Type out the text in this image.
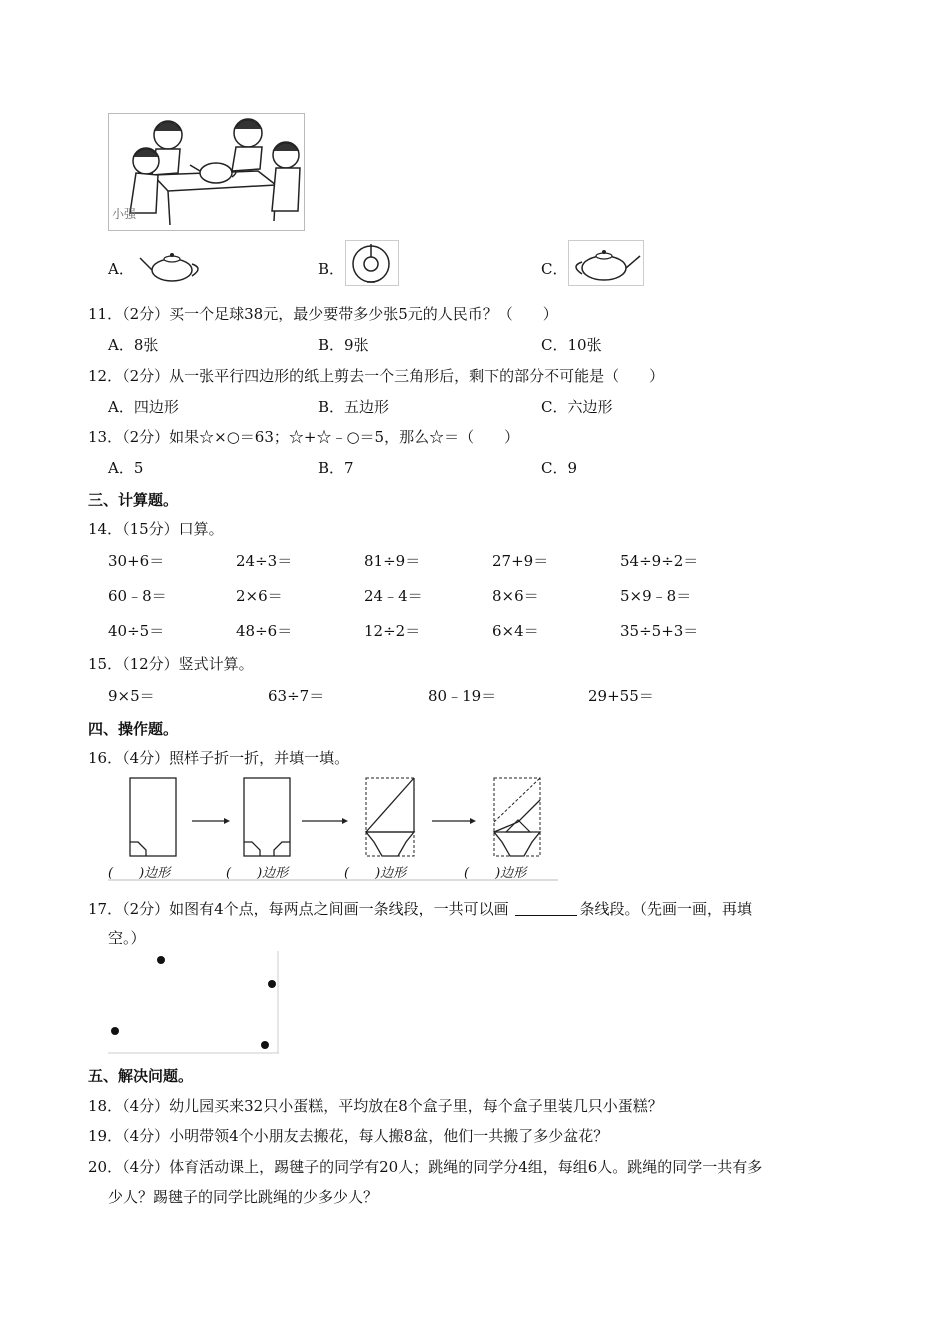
小强
A．	B．	C．
11．（2分）买一个足球38元，最少要带多少张5元的人民币？（　　）
A．8张	B．9张	C．10张
12．（2分）从一张平行四边形的纸上剪去一个三角形后，剩下的部分不可能是（　　）
A．四边形	B．五边形	C．六边形
13．（2分）如果☆×○＝63；☆+☆﹣○＝5，那么☆＝（　　）
A．5	B．7	C．9
三、计算题。
14．（15分）口算。
30+6＝	24÷3＝	81÷9＝	27+9＝	54÷9÷2＝
60﹣8＝	2×6＝	24﹣4＝	8×6＝	5×9﹣8＝
40÷5＝	48÷6＝	12÷2＝	6×4＝	35÷5+3＝
15．（12分）竖式计算。
9×5＝	63÷7＝	80﹣19＝	29+55＝
四、操作题。
16．（4分）照样子折一折，并填一填。
(　　)边形	(　　)边形	(　　)边形	(　　)边形
17．（2分）如图有4个点，每两点之间画一条线段，一共可以画	条线段。（先画一画，再填
空。）
五、解决问题。
18．（4分）幼儿园买来32只小蛋糕，平均放在8个盒子里，每个盒子里装几只小蛋糕？
19．（4分）小明带领4个小朋友去搬花，每人搬8盆，他们一共搬了多少盆花？
20．（4分）体育活动课上，踢毽子的同学有20人；跳绳的同学分4组，每组6人。跳绳的同学一共有多
少人？踢毽子的同学比跳绳的少多少人？
